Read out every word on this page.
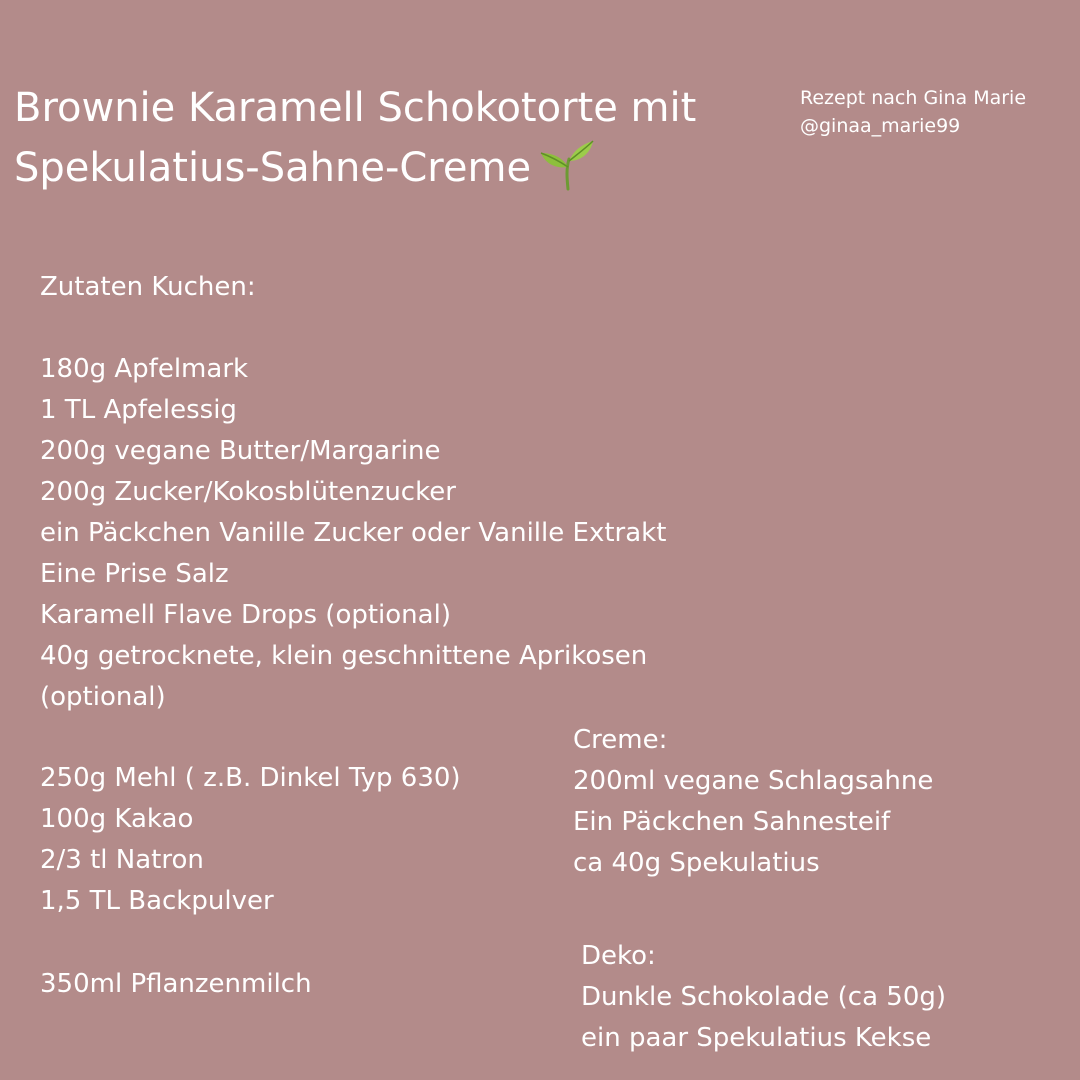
Brownie Karamell Schokotorte mit
Spekulatius-Sahne-Creme
Rezept nach Gina Marie
@ginaa_marie99
Zutaten Kuchen:
180g Apfelmark
1 TL Apfelessig
200g vegane Butter/Margarine
200g Zucker/Kokosblütenzucker
ein Päckchen Vanille Zucker oder Vanille Extrakt
Eine Prise Salz
Karamell Flave Drops (optional)
40g getrocknete, klein geschnittene Aprikosen
(optional)
250g Mehl ( z.B. Dinkel Typ 630)
100g Kakao
2/3 tl Natron
1,5 TL Backpulver
350ml Pflanzenmilch
Creme:
200ml vegane Schlagsahne
Ein Päckchen Sahnesteif
ca 40g Spekulatius
Deko:
Dunkle Schokolade (ca 50g)
ein paar Spekulatius Kekse
